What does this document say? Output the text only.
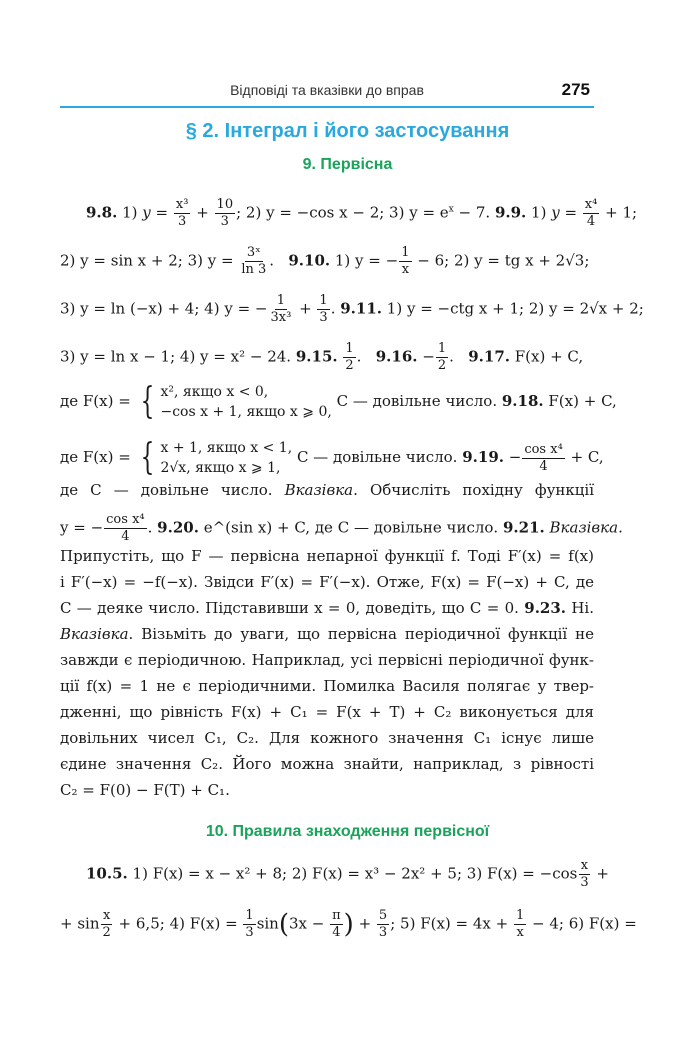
Відповіді та вказівки до вправ	275
§ 2. Інтеграл і його застосування
9. Первісна
9.8. 1) $y = \frac{\text{x³}}{3} + \frac{10}{3}$ ; 2) y = −cos x − 2; 3) $y = e^x - 7$. 9.9. 1) $y = \frac{\text{x⁴}}{4} + 1$;
2) y = sin x + 2; 3) $y = \frac{\text{3ˣ}}{\ln 3}$ .   9.10. 1) y = − $\frac{1}{x} - 6$; 2) y = tg x + 2√3;
3) y = ln (−x) + 4; 4) y = − $\frac{1}{\text{3x³}} + \frac{1}{3}$ . 9.11. 1) y = −ctg x + 1; 2) y = 2√x + 2;
3) y = ln x − 1; 4) y = x² − 24. 9.15. $\frac{1}{2}$ .   9.16. − $\frac{1}{2}$ .   9.17. F(x) + C,
де F(x) = { x², якщо x < 0,
−cos x + 1, якщо x ⩾ 0,
C — довільне число. 9.18. F(x) + C,
де F(x) = { x + 1, якщо x < 1,
2√x, якщо x ⩾ 1,
C — довільне число. 9.19. − $\frac{\text{cos x⁴}}{4} + C$,
де C — довільне число. Вказівка. Обчисліть похідну функції
y = − $\frac{\text{cos x⁴}}{4}$ . 9.20. e^(sin x) + C, де C — довільне число. 9.21. Вказівка.
Припустіть, що F — первісна непарної функції f. Тоді F′(x) = f(x)
і F′(−x) = −f(−x). Звідси F′(x) = F′(−x). Отже, F(x) = F(−x) + C, де
C — деяке число. Підставивши x = 0, доведіть, що C = 0. 9.23. Ні.
Вказівка. Візьміть до уваги, що первісна періодичної функції не
завжди є періодичною. Наприклад, усі первісні періодичної функ-
ції f(x) = 1 не є періодичними. Помилка Василя полягає у твер-
дженні, що рівність F(x) + C₁ = F(x + T) + C₂ виконується для
довільних чисел C₁, C₂. Для кожного значення C₁ існує лише
єдине значення C₂. Його можна знайти, наприклад, з рівності
C₂ = F(0) − F(T) + C₁.
10. Правила знаходження первісної
10.5. 1) F(x) = x − x² + 8; 2) F(x) = x³ − 2x² + 5; 3) $F(x) = -\cos \frac{x}{3}$ +
+ $\sin \frac{x}{2} + 6,5$; 4) $F(x) = \frac{1}{3} \sin(3x - \frac{\pi}{4}$ ) + $\frac{5}{3}$ ; 5) $F(x) = 4x + \frac{1}{x} - 4$; 6) F(x) =
